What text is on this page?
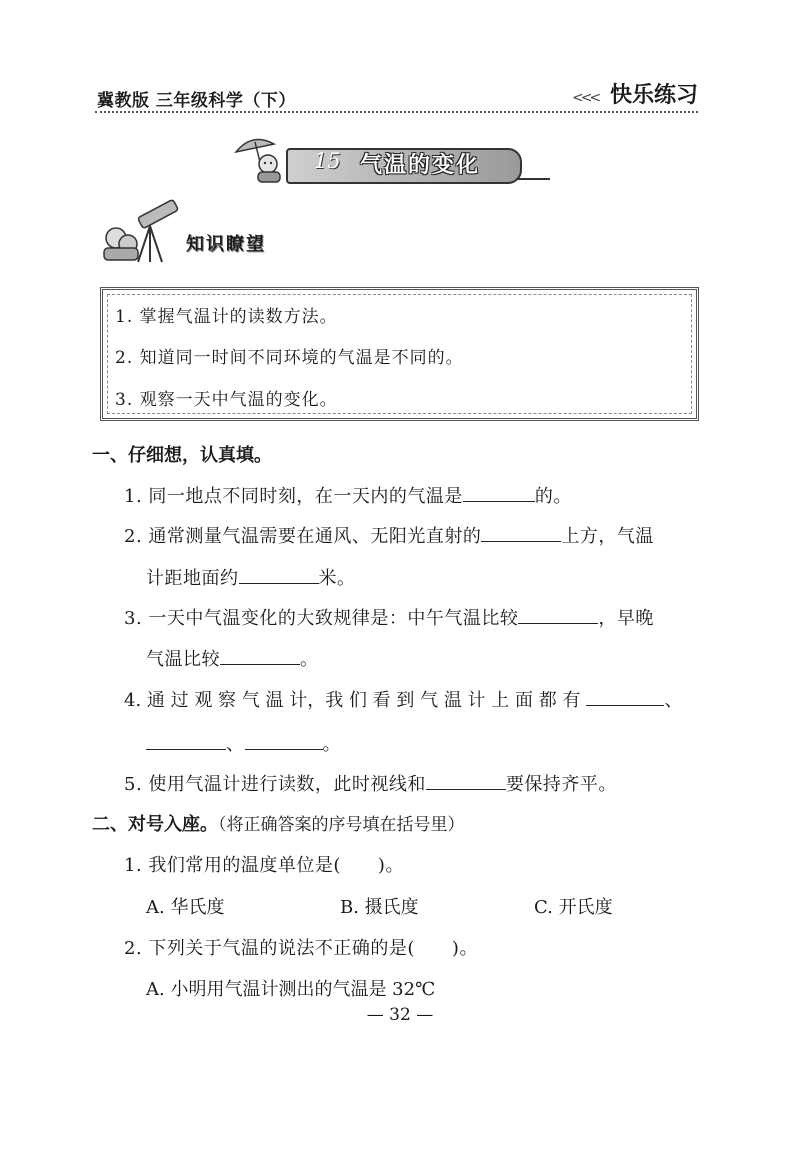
冀教版 三年级科学（下）	<<< 快乐练习
15 气温的变化
知识瞭望
1. 掌握气温计的读数方法。
2. 知道同一时间不同环境的气温是不同的。
3. 观察一天中气温的变化。
一、仔细想，认真填。
1. 同一地点不同时刻，在一天内的气温是	的。
2. 通常测量气温需要在通风、无阳光直射的	上方，气温
计距地面约	米。
3. 一天中气温变化的大致规律是：中午气温比较	，早晚
气温比较	。
4. 通 过 观 察 气 温 计，我 们 看 到 气 温 计 上 面 都 有	、
、	。
5. 使用气温计进行读数，此时视线和	要保持齐平。
二、对号入座。（将正确答案的序号填在括号里）
1. 我们常用的温度单位是(　　)。
A. 华氏度	B. 摄氏度	C. 开氏度
2. 下列关于气温的说法不正确的是(　　)。
A. 小明用气温计测出的气温是 32℃
— 32 —
